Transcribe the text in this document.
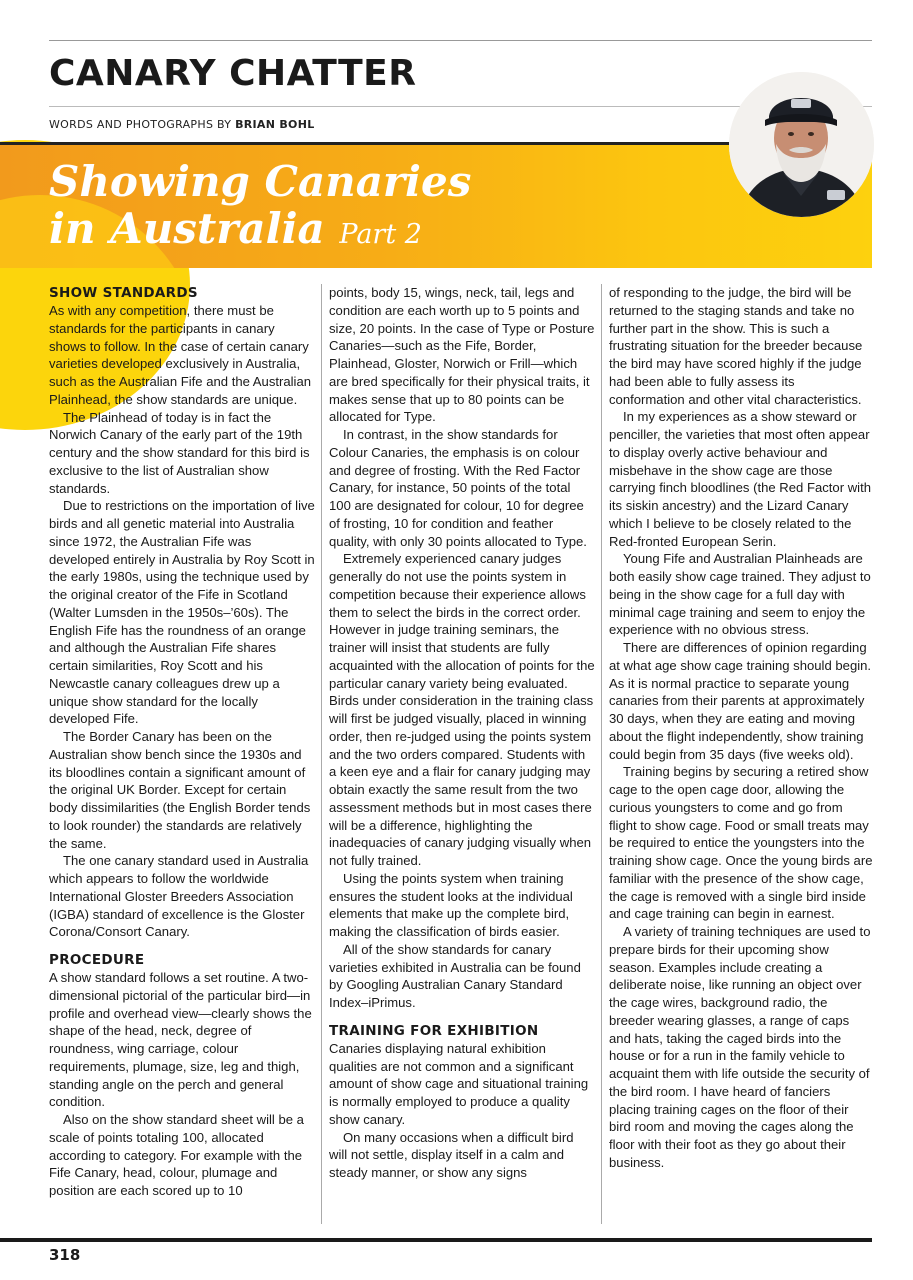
CANARY CHATTER
WORDS AND PHOTOGRAPHS BY BRIAN BOHL
Showing Canaries
in Australia Part 2
SHOW STANDARDS

As with any competition, there must be standards for the participants in canary shows to follow. In the case of certain canary varieties developed exclusively in Australia, such as the Australian Fife and the Australian Plainhead, the show standards are unique.

The Plainhead of today is in fact the Norwich Canary of the early part of the 19th century and the show standard for this bird is exclusive to the list of Australian show standards.

Due to restrictions on the importation of live birds and all genetic material into Australia since 1972, the Australian Fife was developed entirely in Australia by Roy Scott in the early 1980s, using the technique used by the original creator of the Fife in Scotland (Walter Lumsden in the 1950s–’60s). The English Fife has the roundness of an orange and although the Australian Fife shares certain similarities, Roy Scott and his Newcastle canary colleagues drew up a unique show standard for the locally developed Fife.

The Border Canary has been on the Australian show bench since the 1930s and its bloodlines contain a significant amount of the original UK Border. Except for certain body dissimilarities (the English Border tends to look rounder) the standards are relatively the same.

The one canary standard used in Australia which appears to follow the worldwide International Gloster Breeders Association (IGBA) standard of excellence is the Gloster Corona/Consort Canary.

PROCEDURE

A show standard follows a set routine. A two-dimensional pictorial of the particular bird—in profile and overhead view—clearly shows the shape of the head, neck, degree of roundness, wing carriage, colour requirements, plumage, size, leg and thigh, standing angle on the perch and general condition.

Also on the show standard sheet will be a scale of points totaling 100, allocated according to category. For example with the Fife Canary, head, colour, plumage and position are each scored up to 10

points, body 15, wings, neck, tail, legs and condition are each worth up to 5 points and size, 20 points. In the case of Type or Posture Canaries—such as the Fife, Border, Plainhead, Gloster, Norwich or Frill—which are bred specifically for their physical traits, it makes sense that up to 80 points can be allocated for Type.

In contrast, in the show standards for Colour Canaries, the emphasis is on colour and degree of frosting. With the Red Factor Canary, for instance, 50 points of the total 100 are designated for colour, 10 for degree of frosting, 10 for condition and feather quality, with only 30 points allocated to Type.

Extremely experienced canary judges generally do not use the points system in competition because their experience allows them to select the birds in the correct order. However in judge training seminars, the trainer will insist that students are fully acquainted with the allocation of points for the particular canary variety being evaluated. Birds under consideration in the training class will first be judged visually, placed in winning order, then re-judged using the points system and the two orders compared. Students with a keen eye and a flair for canary judging may obtain exactly the same result from the two assessment methods but in most cases there will be a difference, highlighting the inadequacies of canary judging visually when not fully trained.

Using the points system when training ensures the student looks at the individual elements that make up the complete bird, making the classification of birds easier.

All of the show standards for canary varieties exhibited in Australia can be found by Googling Australian Canary Standard Index–iPrimus.

TRAINING FOR EXHIBITION

Canaries displaying natural exhibition qualities are not common and a significant amount of show cage and situational training is normally employed to produce a quality show canary.

On many occasions when a difficult bird will not settle, display itself in a calm and steady manner, or show any signs

of responding to the judge, the bird will be returned to the staging stands and take no further part in the show. This is such a frustrating situation for the breeder because the bird may have scored highly if the judge had been able to fully assess its conformation and other vital characteristics.

In my experiences as a show steward or penciller, the varieties that most often appear to display overly active behaviour and misbehave in the show cage are those carrying finch bloodlines (the Red Factor with its siskin ancestry) and the Lizard Canary which I believe to be closely related to the Red-fronted European Serin.

Young Fife and Australian Plainheads are both easily show cage trained. They adjust to being in the show cage for a full day with minimal cage training and seem to enjoy the experience with no obvious stress.

There are differences of opinion regarding at what age show cage training should begin. As it is normal practice to separate young canaries from their parents at approximately 30 days, when they are eating and moving about the flight independently, show training could begin from 35 days (five weeks old).

Training begins by securing a retired show cage to the open cage door, allowing the curious youngsters to come and go from flight to show cage. Food or small treats may be required to entice the youngsters into the training show cage. Once the young birds are familiar with the presence of the show cage, the cage is removed with a single bird inside and cage training can begin in earnest.

A variety of training techniques are used to prepare birds for their upcoming show season. Examples include creating a deliberate noise, like running an object over the cage wires, background radio, the breeder wearing glasses, a range of caps and hats, taking the caged birds into the house or for a run in the family vehicle to acquaint them with life outside the security of the bird room. I have heard of fanciers placing training cages on the floor of their bird room and moving the cages along the floor with their foot as they go about their business.

318
